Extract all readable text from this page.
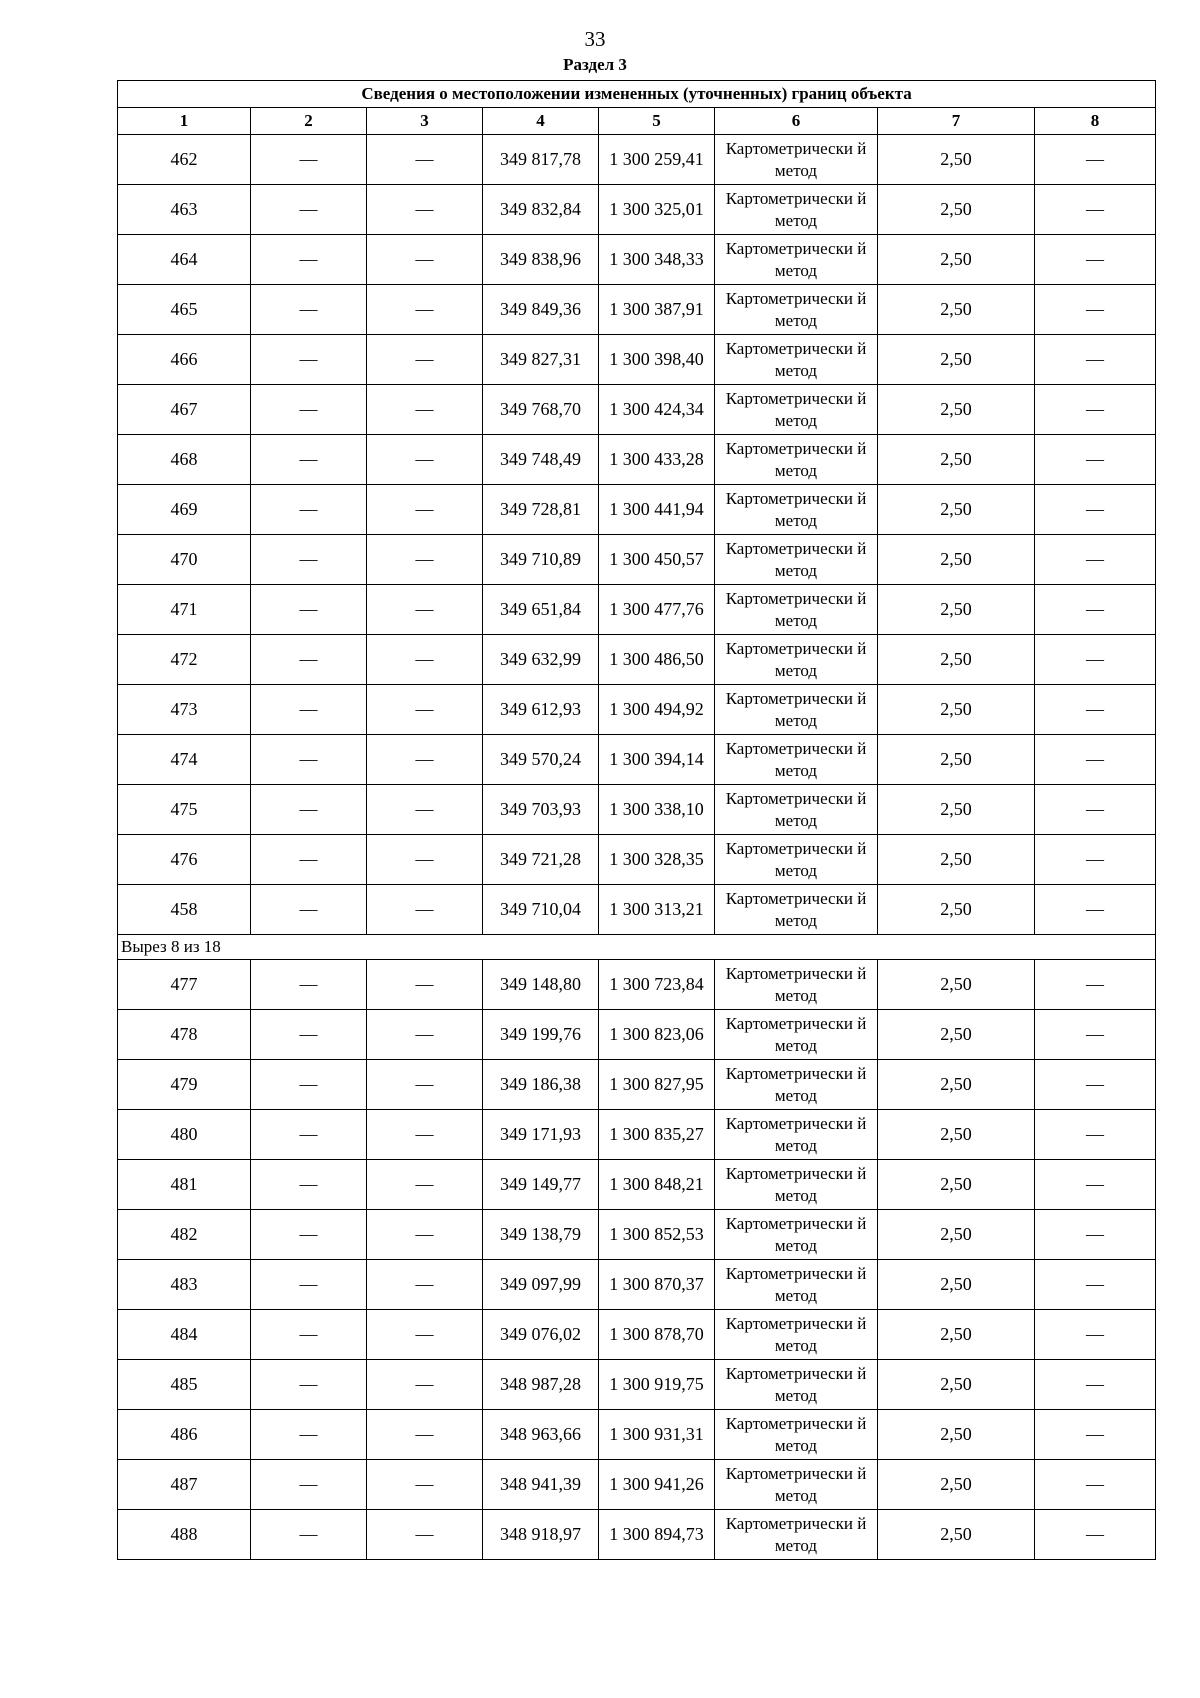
33
Раздел 3
Сведения о местоположении измененных (уточненных) границ объекта							
1	2	3	4	5	6	7	8
462	—	—	349 817,78	1 300 259,41	Картометрически й метод	2,50	—
463	—	—	349 832,84	1 300 325,01	Картометрически й метод	2,50	—
464	—	—	349 838,96	1 300 348,33	Картометрически й метод	2,50	—
465	—	—	349 849,36	1 300 387,91	Картометрически й метод	2,50	—
466	—	—	349 827,31	1 300 398,40	Картометрически й метод	2,50	—
467	—	—	349 768,70	1 300 424,34	Картометрически й метод	2,50	—
468	—	—	349 748,49	1 300 433,28	Картометрически й метод	2,50	—
469	—	—	349 728,81	1 300 441,94	Картометрически й метод	2,50	—
470	—	—	349 710,89	1 300 450,57	Картометрически й метод	2,50	—
471	—	—	349 651,84	1 300 477,76	Картометрически й метод	2,50	—
472	—	—	349 632,99	1 300 486,50	Картометрически й метод	2,50	—
473	—	—	349 612,93	1 300 494,92	Картометрически й метод	2,50	—
474	—	—	349 570,24	1 300 394,14	Картометрически й метод	2,50	—
475	—	—	349 703,93	1 300 338,10	Картометрически й метод	2,50	—
476	—	—	349 721,28	1 300 328,35	Картометрически й метод	2,50	—
458	—	—	349 710,04	1 300 313,21	Картометрически й метод	2,50	—
Вырез 8 из 18							
477	—	—	349 148,80	1 300 723,84	Картометрически й метод	2,50	—
478	—	—	349 199,76	1 300 823,06	Картометрически й метод	2,50	—
479	—	—	349 186,38	1 300 827,95	Картометрически й метод	2,50	—
480	—	—	349 171,93	1 300 835,27	Картометрически й метод	2,50	—
481	—	—	349 149,77	1 300 848,21	Картометрически й метод	2,50	—
482	—	—	349 138,79	1 300 852,53	Картометрически й метод	2,50	—
483	—	—	349 097,99	1 300 870,37	Картометрически й метод	2,50	—
484	—	—	349 076,02	1 300 878,70	Картометрически й метод	2,50	—
485	—	—	348 987,28	1 300 919,75	Картометрически й метод	2,50	—
486	—	—	348 963,66	1 300 931,31	Картометрически й метод	2,50	—
487	—	—	348 941,39	1 300 941,26	Картометрически й метод	2,50	—
488	—	—	348 918,97	1 300 894,73	Картометрически й метод	2,50	—
